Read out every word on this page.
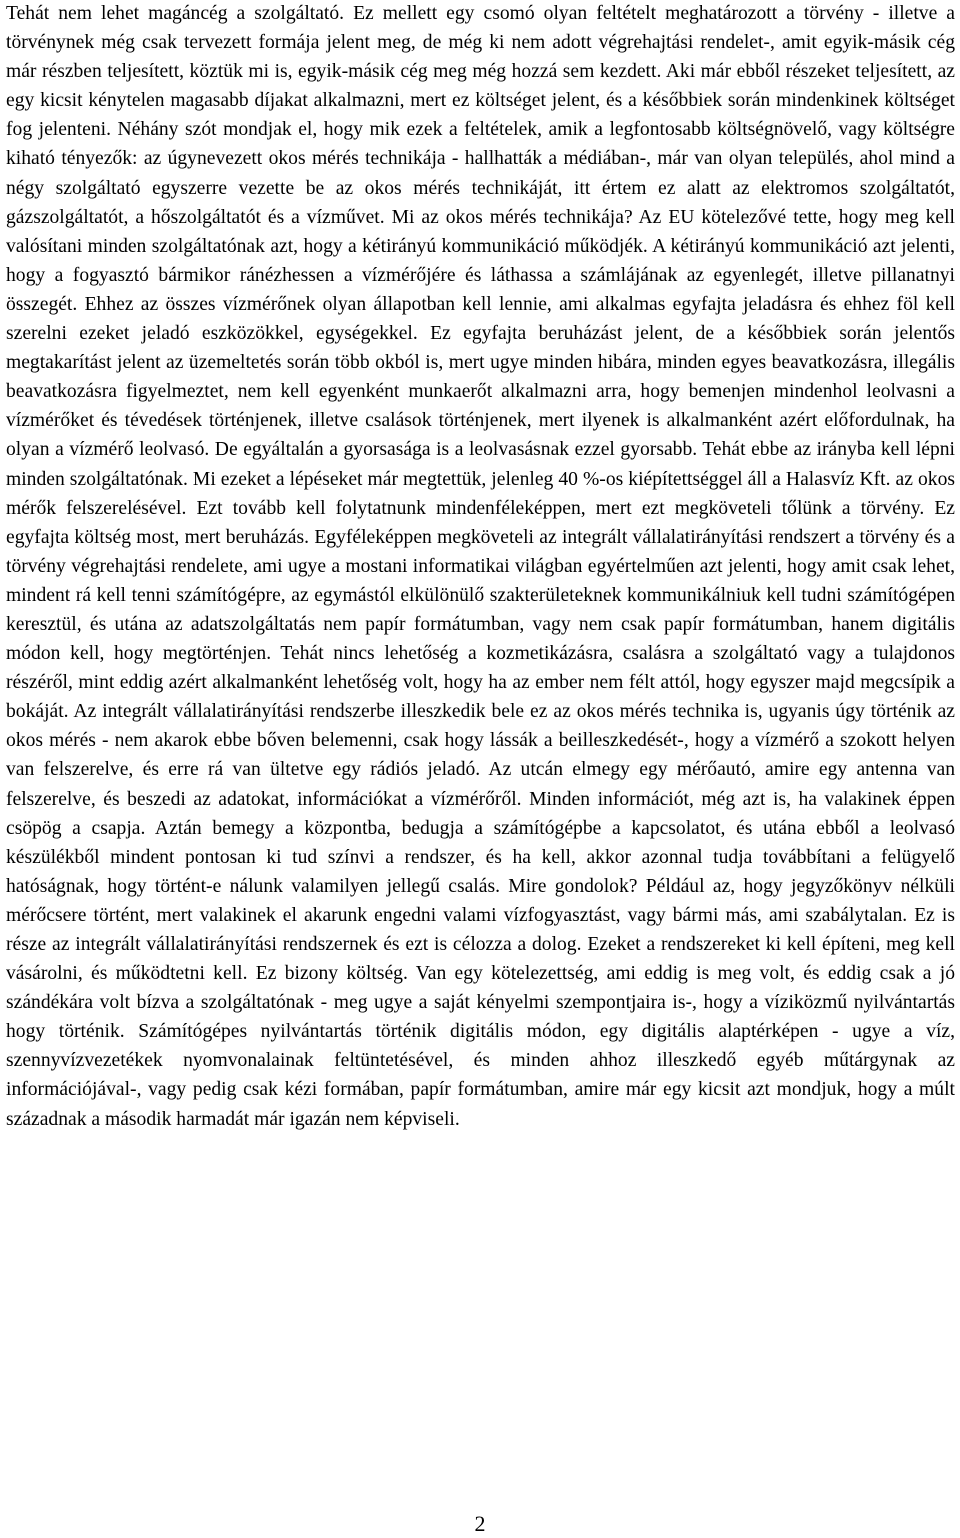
Tehát nem lehet magáncég a szolgáltató. Ez mellett egy csomó olyan feltételt meghatározott a törvény - illetve a törvénynek még csak tervezett formája jelent meg, de még ki nem adott végrehajtási rendelet-, amit egyik-másik cég már részben teljesített, köztük mi is, egyik-másik cég meg még hozzá sem kezdett. Aki már ebből részeket teljesített, az egy kicsit kénytelen magasabb díjakat alkalmazni, mert ez költséget jelent, és a későbbiek során mindenkinek költséget fog jelenteni. Néhány szót mondjak el, hogy mik ezek a feltételek, amik a legfontosabb költségnövelő, vagy költségre kiható tényezők: az úgynevezett okos mérés technikája - hallhatták a médiában-, már van olyan település, ahol mind a négy szolgáltató egyszerre vezette be az okos mérés technikáját, itt értem ez alatt az elektromos szolgáltatót, gázszolgáltatót, a hőszolgáltatót és a vízművet. Mi az okos mérés technikája? Az EU kötelezővé tette, hogy meg kell valósítani minden szolgáltatónak azt, hogy a kétirányú kommunikáció működjék. A kétirányú kommunikáció azt jelenti, hogy a fogyasztó bármikor ránézhessen a vízmérőjére és láthassa a számlájának az egyenlegét, illetve pillanatnyi összegét. Ehhez az összes vízmérőnek olyan állapotban kell lennie, ami alkalmas egyfajta jeladásra és ehhez föl kell szerelni ezeket jeladó eszközökkel, egységekkel. Ez egyfajta beruházást jelent, de a későbbiek során jelentős megtakarítást jelent az üzemeltetés során több okból is, mert ugye minden hibára, minden egyes beavatkozásra, illegális beavatkozásra figyelmeztet, nem kell egyenként munkaerőt alkalmazni arra, hogy bemenjen mindenhol leolvasni a vízmérőket és tévedések történjenek, illetve csalások történjenek, mert ilyenek is alkalmanként azért előfordulnak, ha olyan a vízmérő leolvasó. De egyáltalán a gyorsasága is a leolvasásnak ezzel gyorsabb. Tehát ebbe az irányba kell lépni minden szolgáltatónak. Mi ezeket a lépéseket már megtettük, jelenleg 40 %-os kiépítettséggel áll a Halasvíz Kft. az okos mérők felszerelésével. Ezt tovább kell folytatnunk mindenféleképpen, mert ezt megköveteli tőlünk a törvény. Ez egyfajta költség most, mert beruházás. Egyféleképpen megköveteli az integrált vállalatirányítási rendszert a törvény és a törvény végrehajtási rendelete, ami ugye a mostani informatikai világban egyértelműen azt jelenti, hogy amit csak lehet, mindent rá kell tenni számítógépre, az egymástól elkülönülő szakterületeknek kommunikálniuk kell tudni számítógépen keresztül, és utána az adatszolgáltatás nem papír formátumban, vagy nem csak papír formátumban, hanem digitális módon kell, hogy megtörténjen. Tehát nincs lehetőség a kozmetikázásra, csalásra a szolgáltató vagy a tulajdonos részéről, mint eddig azért alkalmanként lehetőség volt, hogy ha az ember nem félt attól, hogy egyszer majd megcsípik a bokáját. Az integrált vállalatirányítási rendszerbe illeszkedik bele ez az okos mérés technika is, ugyanis úgy történik az okos mérés - nem akarok ebbe bőven belemenni, csak hogy lássák a beilleszkedését-, hogy a vízmérő a szokott helyen van felszerelve, és erre rá van ültetve egy rádiós jeladó. Az utcán elmegy egy mérőautó, amire egy antenna van felszerelve, és beszedi az adatokat, információkat a vízmérőről. Minden információt, még azt is, ha valakinek éppen csöpög a csapja. Aztán bemegy a központba, bedugja a számítógépbe a kapcsolatot, és utána ebből a leolvasó készülékből mindent pontosan ki tud színvi a rendszer, és ha kell, akkor azonnal tudja továbbítani a felügyelő hatóságnak, hogy történt-e nálunk valamilyen jellegű csalás. Mire gondolok? Például az, hogy jegyzőkönyv nélküli mérőcsere történt, mert valakinek el akarunk engedni valami vízfogyasztást, vagy bármi más, ami szabálytalan. Ez is része az integrált vállalatirányítási rendszernek és ezt is célozza a dolog. Ezeket a rendszereket ki kell építeni, meg kell vásárolni, és működtetni kell. Ez bizony költség. Van egy kötelezettség, ami eddig is meg volt, és eddig csak a jó szándékára volt bízva a szolgáltatónak - meg ugye a saját kényelmi szempontjaira is-, hogy a víziközmű nyilvántartás hogy történik. Számítógépes nyilvántartás történik digitális módon, egy digitális alaptérképen - ugye a víz, szennyvízvezetékek nyomvonalainak feltüntetésével, és minden ahhoz illeszkedő egyéb műtárgynak az információjával-, vagy pedig csak kézi formában, papír formátumban, amire már egy kicsit azt mondjuk, hogy a múlt századnak a második harmadát már igazán nem képviseli.

2
